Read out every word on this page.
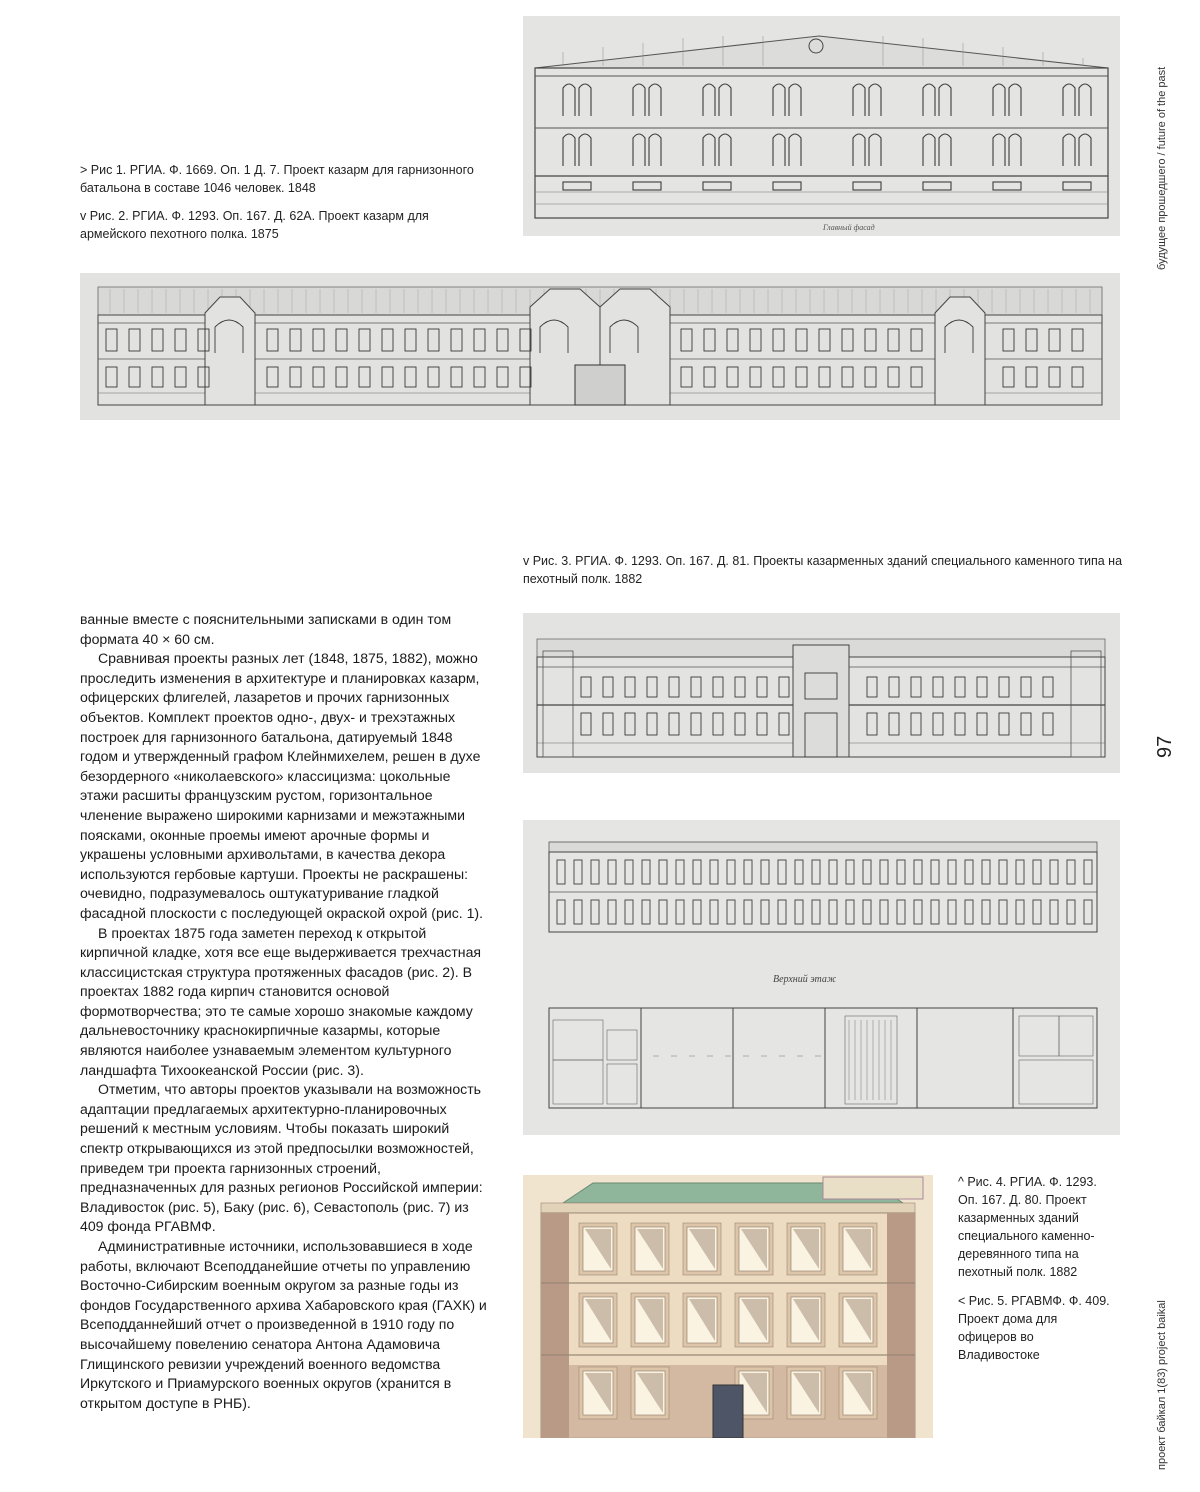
Главный фасад
> Рис 1. РГИА. Ф. 1669. Оп. 1 Д. 7. Проект казарм для гарнизонного батальона в составе 1046 человек. 1848
v Рис. 2. РГИА. Ф. 1293. Оп. 167. Д. 62А. Проект казарм для армейского пехотного полка. 1875
v Рис. 3. РГИА. Ф. 1293. Оп. 167. Д. 81. Проекты казарменных зданий специального каменного типа на пехотный полк. 1882
Верхний этаж
^ Рис. 4. РГИА. Ф. 1293. Оп. 167. Д. 80. Проект казарменных зданий специального каменно-деревянного типа на пехотный полк. 1882
< Рис. 5. РГАВМФ. Ф. 409. Проект дома для офицеров во Владивостоке

ванные вместе с пояснительными записками в один том формата 40 × 60 см.

Сравнивая проекты разных лет (1848, 1875, 1882), можно проследить изменения в архитектуре и планировках казарм, офицерских флигелей, лазаретов и прочих гарнизонных объектов. Комплект проектов одно-, двух- и трехэтажных построек для гарнизонного батальона, датируемый 1848 годом и утвержденный графом Клейнмихелем, решен в духе безордерного «николаевского» классицизма: цокольные этажи расшиты французским рустом, горизонтальное членение выражено широкими карнизами и межэтажными поясками, оконные проемы имеют арочные формы и украшены условными архивольтами, в качества декора используются гербовые картуши. Проекты не раскрашены: очевидно, подразумевалось оштукатуривание гладкой фасадной плоскости с последующей окраской охрой (рис. 1).

В проектах 1875 года заметен переход к открытой кирпичной кладке, хотя все еще выдерживается трехчастная классицистская структура протяженных фасадов (рис. 2). В проектах 1882 года кирпич становится основой формотворчества; это те самые хорошо знакомые каждому дальневосточнику краснокирпичные казармы, которые являются наиболее узнаваемым элементом культурного ландшафта Тихоокеанской России (рис. 3).

Отметим, что авторы проектов указывали на возможность адаптации предлагаемых архитектурно-планировочных решений к местным условиям. Чтобы показать широкий спектр открывающихся из этой предпосылки возможностей, приведем три проекта гарнизонных строений, предназначенных для разных регионов Российской империи: Владивосток (рис. 5), Баку (рис. 6), Севастополь (рис. 7) из 409 фонда РГАВМФ.

Административные источники, использовавшиеся в ходе работы, включают Всеподданейшие отчеты по управлению Восточно-Сибирским военным округом за разные годы из фондов Государственного архива Хабаровского края (ГАХК) и Всеподданнейший отчет о произведенной в 1910 году по высочайшему повелению сенатора Антона Адамовича Глищинского ревизии учреждений военного ведомства Иркутского и Приамурского военных округов (хранится в открытом доступе в РНБ).

будущее прошедшего / future of the past
97
проект байкал 1(83) project baikal
